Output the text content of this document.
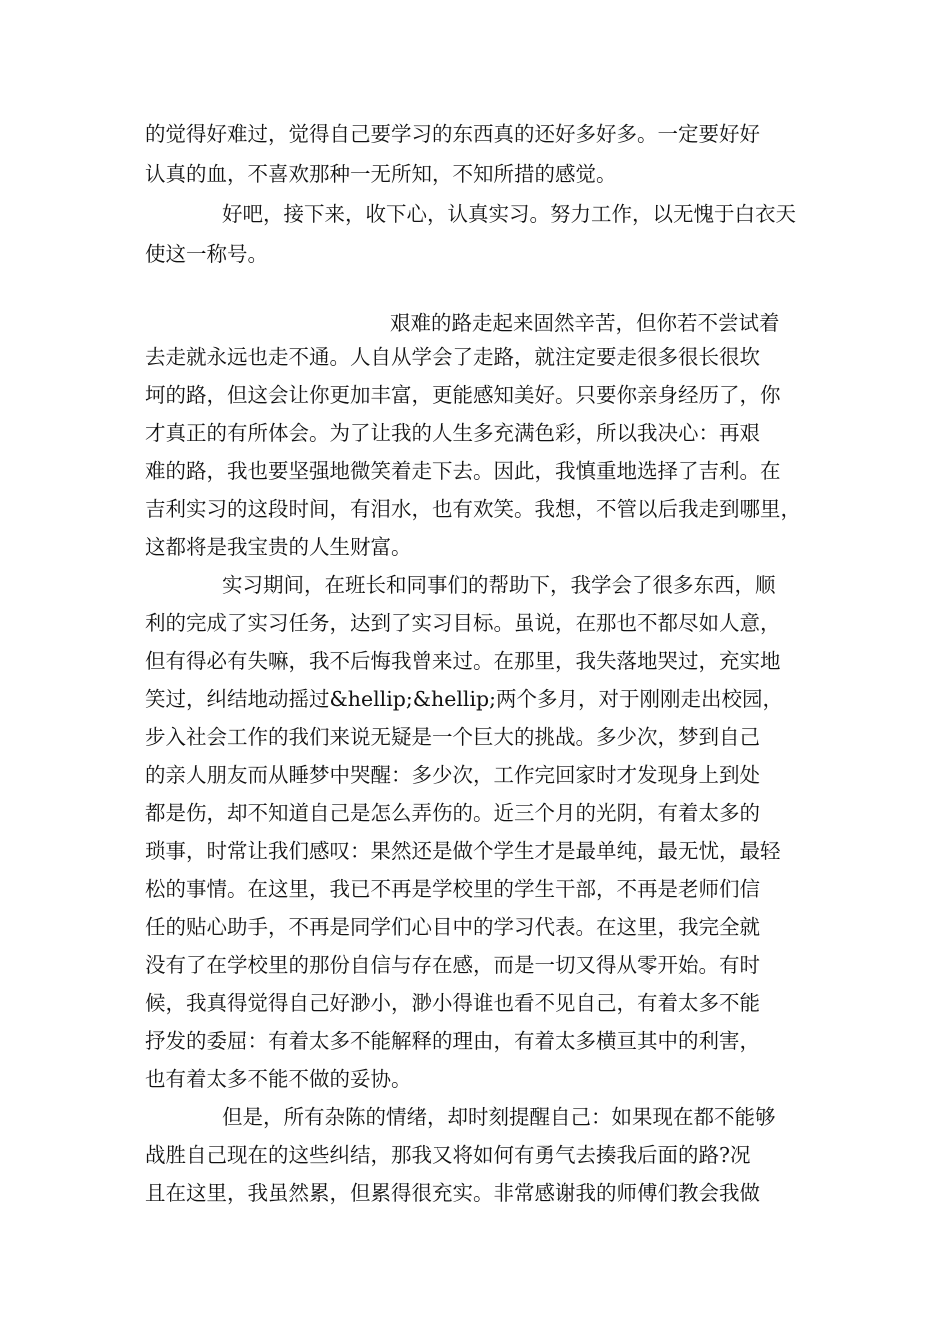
的觉得好难过，觉得自己要学习的东西真的还好多好多。一定要好好
认真的血，不喜欢那种一无所知，不知所措的感觉。
好吧，接下来，收下心，认真实习。努力工作，以无愧于白衣天
使这一称号。
艰难的路走起来固然辛苦，但你若不尝试着
去走就永远也走不通。人自从学会了走路，就注定要走很多很长很坎
坷的路，但这会让你更加丰富，更能感知美好。只要你亲身经历了，你
才真正的有所体会。为了让我的人生多充满色彩，所以我决心：再艰
难的路，我也要坚强地微笑着走下去。因此，我慎重地选择了吉利。在
吉利实习的这段时间，有泪水，也有欢笑。我想，不管以后我走到哪里，
这都将是我宝贵的人生财富。
实习期间，在班长和同事们的帮助下，我学会了很多东西，顺
利的完成了实习任务，达到了实习目标。虽说，在那也不都尽如人意，
但有得必有失嘛，我不后悔我曾来过。在那里，我失落地哭过，充实地
笑过，纠结地动摇过&hellip;&hellip;两个多月，对于刚刚走出校园，
步入社会工作的我们来说无疑是一个巨大的挑战。多少次，梦到自己
的亲人朋友而从睡梦中哭醒：多少次，工作完回家时才发现身上到处
都是伤，却不知道自己是怎么弄伤的。近三个月的光阴，有着太多的
琐事，时常让我们感叹：果然还是做个学生才是最单纯，最无忧，最轻
松的事情。在这里，我已不再是学校里的学生干部，不再是老师们信
任的贴心助手，不再是同学们心目中的学习代表。在这里，我完全就
没有了在学校里的那份自信与存在感，而是一切又得从零开始。有时
候，我真得觉得自己好渺小，渺小得谁也看不见自己，有着太多不能
抒发的委屈：有着太多不能解释的理由，有着太多横亘其中的利害，
也有着太多不能不做的妥协。
但是，所有杂陈的情绪，却时刻提醒自己：如果现在都不能够
战胜自己现在的这些纠结，那我又将如何有勇气去揍我后面的路?况
且在这里，我虽然累，但累得很充实。非常感谢我的师傅们教会我做
